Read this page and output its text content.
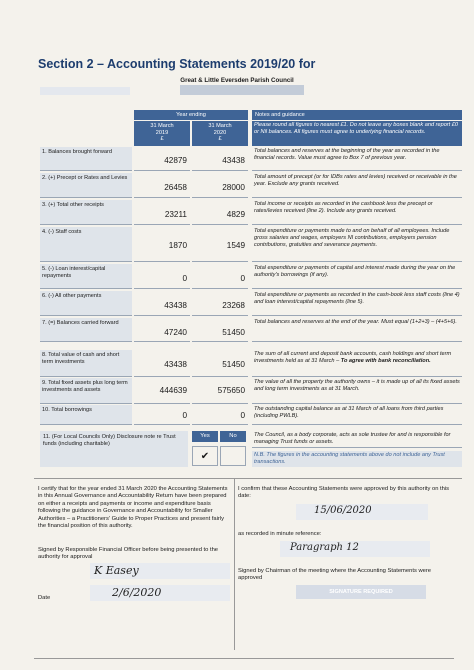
Section 2 – Accounting Statements 2019/20 for
Great & Little Eversden Parish Council
Year ending	Notes and guidance
31 March
2019
£
31 March
2020
£
Please round all figures to nearest £1. Do not leave any boxes blank and report £0 or Nil balances. All figures must agree to underlying financial records.
1. Balances brought forward
42879	43438
Total balances and reserves at the beginning of the year as recorded in the financial records. Value must agree to Box 7 of previous year.
2. (+) Precept or Rates and Levies
26458	28000
Total amount of precept (or for IDBs rates and levies) received or receivable in the year. Exclude any grants received.
3. (+) Total other receipts
23211	4829
Total income or receipts as recorded in the cashbook less the precept or rates/levies received (line 2). Include any grants received.
4. (-) Staff costs
1870	1549
Total expenditure or payments made to and on behalf of all employees. Include gross salaries and wages, employers NI contributions, employers pension contributions, gratuities and severance payments.
5. (-) Loan interest/capital repayments	0	0
Total expenditure or payments of capital and interest made during the year on the authority's borrowings (if any).
6. (-) All other payments
43438	23268
Total expenditure or payments as recorded in the cash-book less staff costs (line 4) and loan interest/capital repayments (line 5).
7. (=) Balances carried forward
47240	51450
Total balances and reserves at the end of the year. Must equal (1+2+3) – (4+5+6).
8. Total value of cash and short term investments	43438	51450
The sum of all current and deposit bank accounts, cash holdings and short term investments held as at 31 March – To agree with bank reconciliation.
9. Total fixed assets plus long term investments and assets	444639	575650
The value of all the property the authority owns – it is made up of all its fixed assets and long term investments as at 31 March.
10. Total borrowings
0	0
The outstanding capital balance as at 31 March of all loans from third parties (including PWLB).
11. (For Local Councils Only) Disclosure note re Trust funds (including charitable)
Yes	No
✔
The Council, as a body corporate, acts as sole trustee for and is responsible for managing Trust funds or assets.
N.B. The figures in the accounting statements above do not include any Trust transactions.
I certify that for the year ended 31 March 2020 the Accounting Statements in this Annual Governance and Accountability Return have been prepared on either a receipts and payments or income and expenditure basis following the guidance in Governance and Accountability for Smaller Authorities – a Practitioners' Guide to Proper Practices and present fairly the financial position of this authority.
Signed by Responsible Financial Officer before being presented to the authority for approval
K Easey
Date	2/6/2020
I confirm that these Accounting Statements were approved by this authority on this date:
15/06/2020
as recorded in minute reference:
Paragraph 12
Signed by Chairman of the meeting where the Accounting Statements were approved
SIGNATURE REQUIRED
